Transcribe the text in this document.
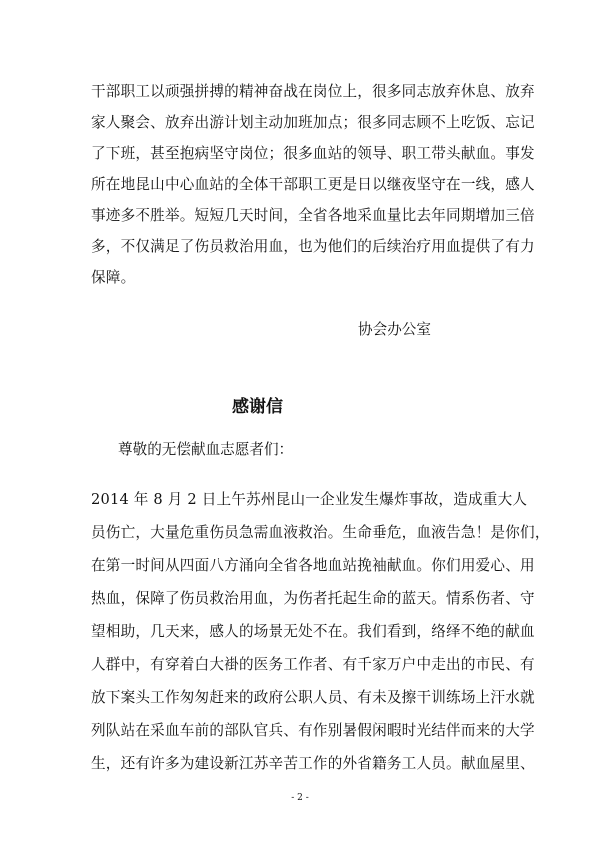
干部职工以顽强拼搏的精神奋战在岗位上，很多同志放弃休息、放弃
家人聚会、放弃出游计划主动加班加点；很多同志顾不上吃饭、忘记
了下班，甚至抱病坚守岗位；很多血站的领导、职工带头献血。事发
所在地昆山中心血站的全体干部职工更是日以继夜坚守在一线，感人
事迹多不胜举。短短几天时间，全省各地采血量比去年同期增加三倍
多，不仅满足了伤员救治用血，也为他们的后续治疗用血提供了有力
保障。
协会办公室
感谢信
尊敬的无偿献血志愿者们：
2014 年 8 月 2 日上午苏州昆山一企业发生爆炸事故，造成重大人
员伤亡，大量危重伤员急需血液救治。生命垂危，血液告急！是你们，
在第一时间从四面八方涌向全省各地血站挽袖献血。你们用爱心、用
热血，保障了伤员救治用血，为伤者托起生命的蓝天。情系伤者、守
望相助，几天来，感人的场景无处不在。我们看到，络绎不绝的献血
人群中，有穿着白大褂的医务工作者、有千家万户中走出的市民、有
放下案头工作匆匆赶来的政府公职人员、有未及擦干训练场上汗水就
列队站在采血车前的部队官兵、有作别暑假闲暇时光结伴而来的大学
生，还有许多为建设新江苏辛苦工作的外省籍务工人员。献血屋里、
- 2 -
